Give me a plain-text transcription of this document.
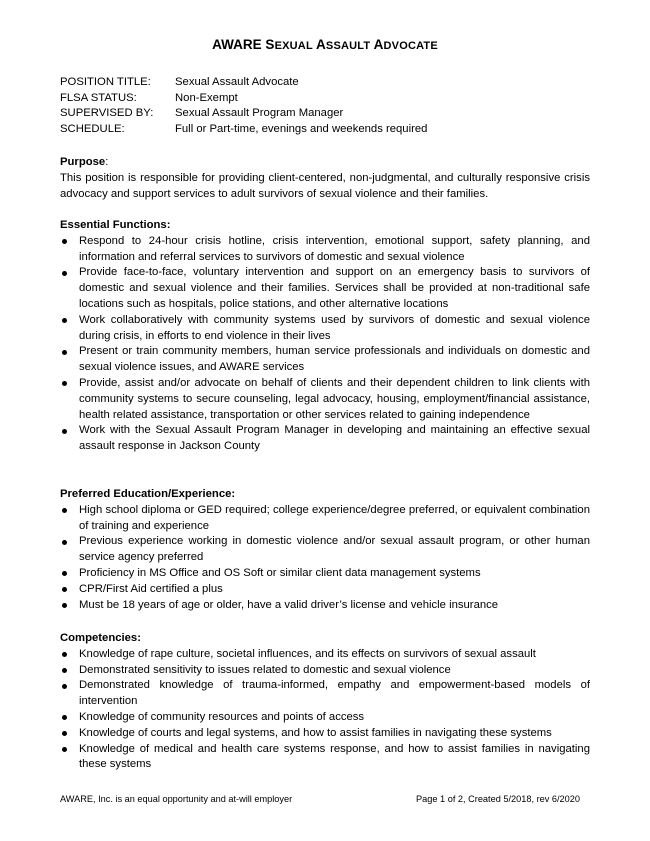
AWARE SEXUAL ASSAULT ADVOCATE
POSITION TITLE: Sexual Assault Advocate
FLSA STATUS:	Non-Exempt
SUPERVISED BY: Sexual Assault Program Manager
SCHEDULE:	Full or Part-time, evenings and weekends required
Purpose:

This position is responsible for providing client-centered, non-judgmental, and culturally responsive crisis advocacy and support services to adult survivors of sexual violence and their families.

Essential Functions:
Respond to 24-hour crisis hotline, crisis intervention, emotional support, safety planning, and information and referral services to survivors of domestic and sexual violence
Provide face-to-face, voluntary intervention and support on an emergency basis to survivors of domestic and sexual violence and their families. Services shall be provided at non-traditional safe locations such as hospitals, police stations, and other alternative locations
Work collaboratively with community systems used by survivors of domestic and sexual violence during crisis, in efforts to end violence in their lives
Present or train community members, human service professionals and individuals on domestic and sexual violence issues, and AWARE services
Provide, assist and/or advocate on behalf of clients and their dependent children to link clients with community systems to secure counseling, legal advocacy, housing, employment/financial assistance, health related assistance, transportation or other services related to gaining independence
Work with the Sexual Assault Program Manager in developing and maintaining an effective sexual assault response in Jackson County
Preferred Education/Experience:
High school diploma or GED required; college experience/degree preferred, or equivalent combination of training and experience
Previous experience working in domestic violence and/or sexual assault program, or other human service agency preferred
Proficiency in MS Office and OS Soft or similar client data management systems
CPR/First Aid certified a plus
Must be 18 years of age or older, have a valid driver’s license and vehicle insurance
Competencies:
Knowledge of rape culture, societal influences, and its effects on survivors of sexual assault
Demonstrated sensitivity to issues related to domestic and sexual violence
Demonstrated knowledge of trauma-informed, empathy and empowerment-based models of intervention
Knowledge of community resources and points of access
Knowledge of courts and legal systems, and how to assist families in navigating these systems
Knowledge of medical and health care systems response, and how to assist families in navigating these systems
AWARE, Inc. is an equal opportunity and at-will employer	Page 1 of 2, Created 5/2018, rev 6/2020
